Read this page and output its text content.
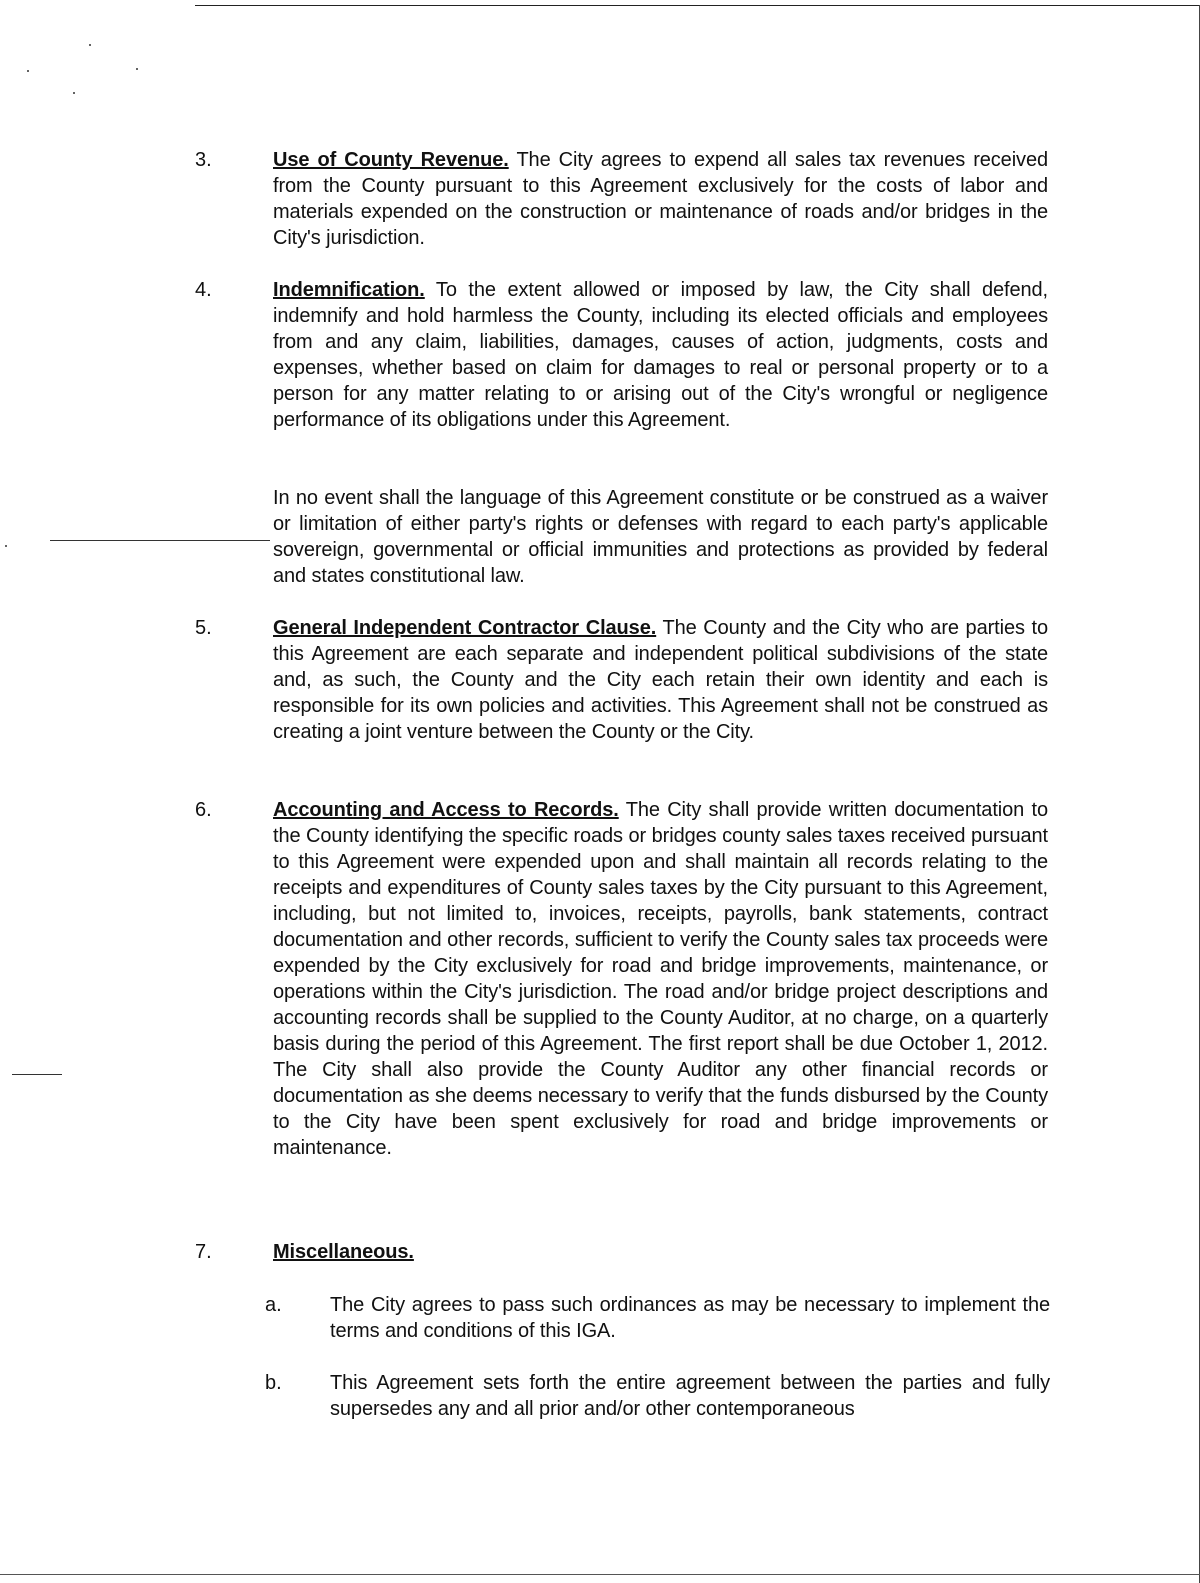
3.	Use of County Revenue. The City agrees to expend all sales tax revenues received from the County pursuant to this Agreement exclusively for the costs of labor and materials expended on the construction or maintenance of roads and/or bridges in the City's jurisdiction.
4.	Indemnification. To the extent allowed or imposed by law, the City shall defend, indemnify and hold harmless the County, including its elected officials and employees from and any claim, liabilities, damages, causes of action, judgments, costs and expenses, whether based on claim for damages to real or personal property or to a person for any matter relating to or arising out of the City's wrongful or negligence performance of its obligations under this Agreement.
In no event shall the language of this Agreement constitute or be construed as a waiver or limitation of either party's rights or defenses with regard to each party's applicable sovereign, governmental or official immunities and protections as provided by federal and states constitutional law.
5.	General Independent Contractor Clause. The County and the City who are parties to this Agreement are each separate and independent political subdivisions of the state and, as such, the County and the City each retain their own identity and each is responsible for its own policies and activities. This Agreement shall not be construed as creating a joint venture between the County or the City.
6.	Accounting and Access to Records. The City shall provide written documentation to the County identifying the specific roads or bridges county sales taxes received pursuant to this Agreement were expended upon and shall maintain all records relating to the receipts and expenditures of County sales taxes by the City pursuant to this Agreement, including, but not limited to, invoices, receipts, payrolls, bank statements, contract documentation and other records, sufficient to verify the County sales tax proceeds were expended by the City exclusively for road and bridge improvements, maintenance, or operations within the City's jurisdiction. The road and/or bridge project descriptions and accounting records shall be supplied to the County Auditor, at no charge, on a quarterly basis during the period of this Agreement. The first report shall be due October 1, 2012. The City shall also provide the County Auditor any other financial records or documentation as she deems necessary to verify that the funds disbursed by the County to the City have been spent exclusively for road and bridge improvements or maintenance.
7.	Miscellaneous.
a. The City agrees to pass such ordinances as may be necessary to implement the terms and conditions of this IGA.
b. This Agreement sets forth the entire agreement between the parties and fully supersedes any and all prior and/or other contemporaneous
